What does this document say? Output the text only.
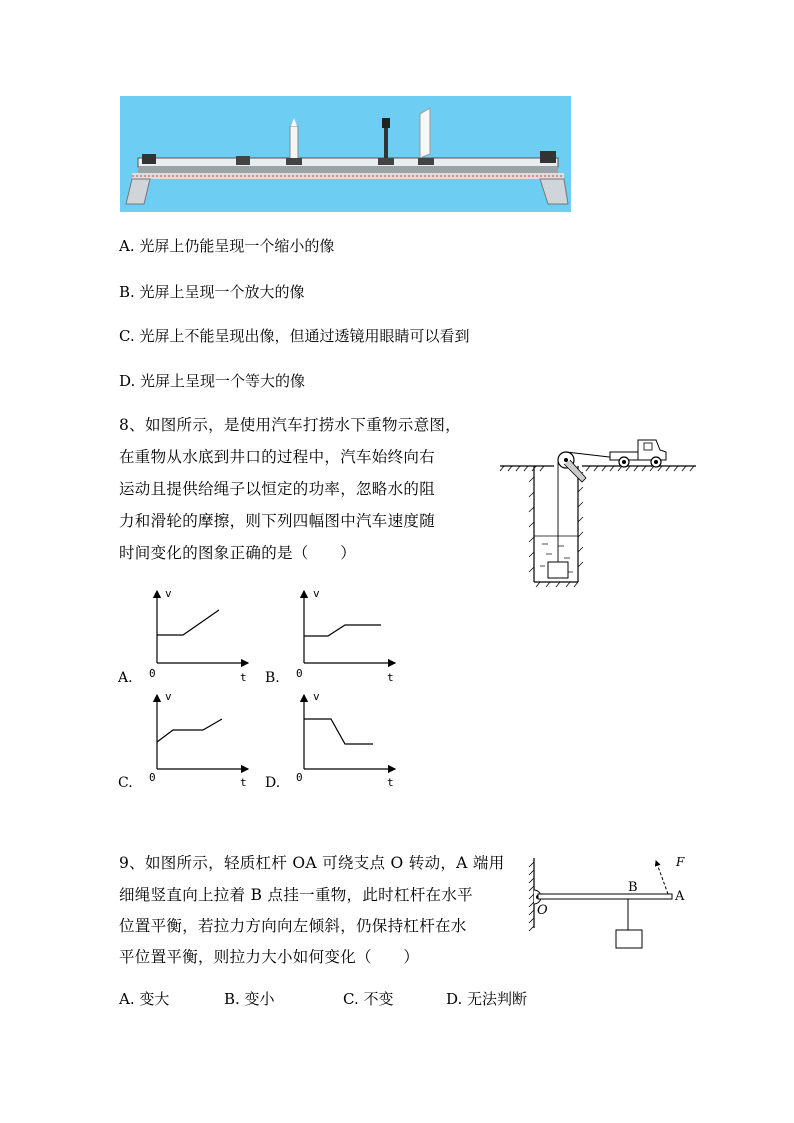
A. 光屏上仍能呈现一个缩小的像
B. 光屏上呈现一个放大的像
C. 光屏上不能呈现出像，但通过透镜用眼睛可以看到
D. 光屏上呈现一个等大的像
8、如图所示，是使用汽车打捞水下重物示意图，
在重物从水底到井口的过程中，汽车始终向右
运动且提供给绳子以恒定的功率，忽略水的阻
力和滑轮的摩擦，则下列四幅图中汽车速度随
时间变化的图象正确的是（　　）
v
0	t
A.
v
0	t
B.
v
0	t
C.
v
0	t
D.
9、如图所示，轻质杠杆 OA 可绕支点 O 转动，A 端用
细绳竖直向上拉着 B 点挂一重物，此时杠杆在水平
位置平衡，若拉力方向向左倾斜，仍保持杠杆在水
平位置平衡，则拉力大小如何变化（　　）
A. 变大	B. 变小	C. 不变	D. 无法判断
F
B
A
O
